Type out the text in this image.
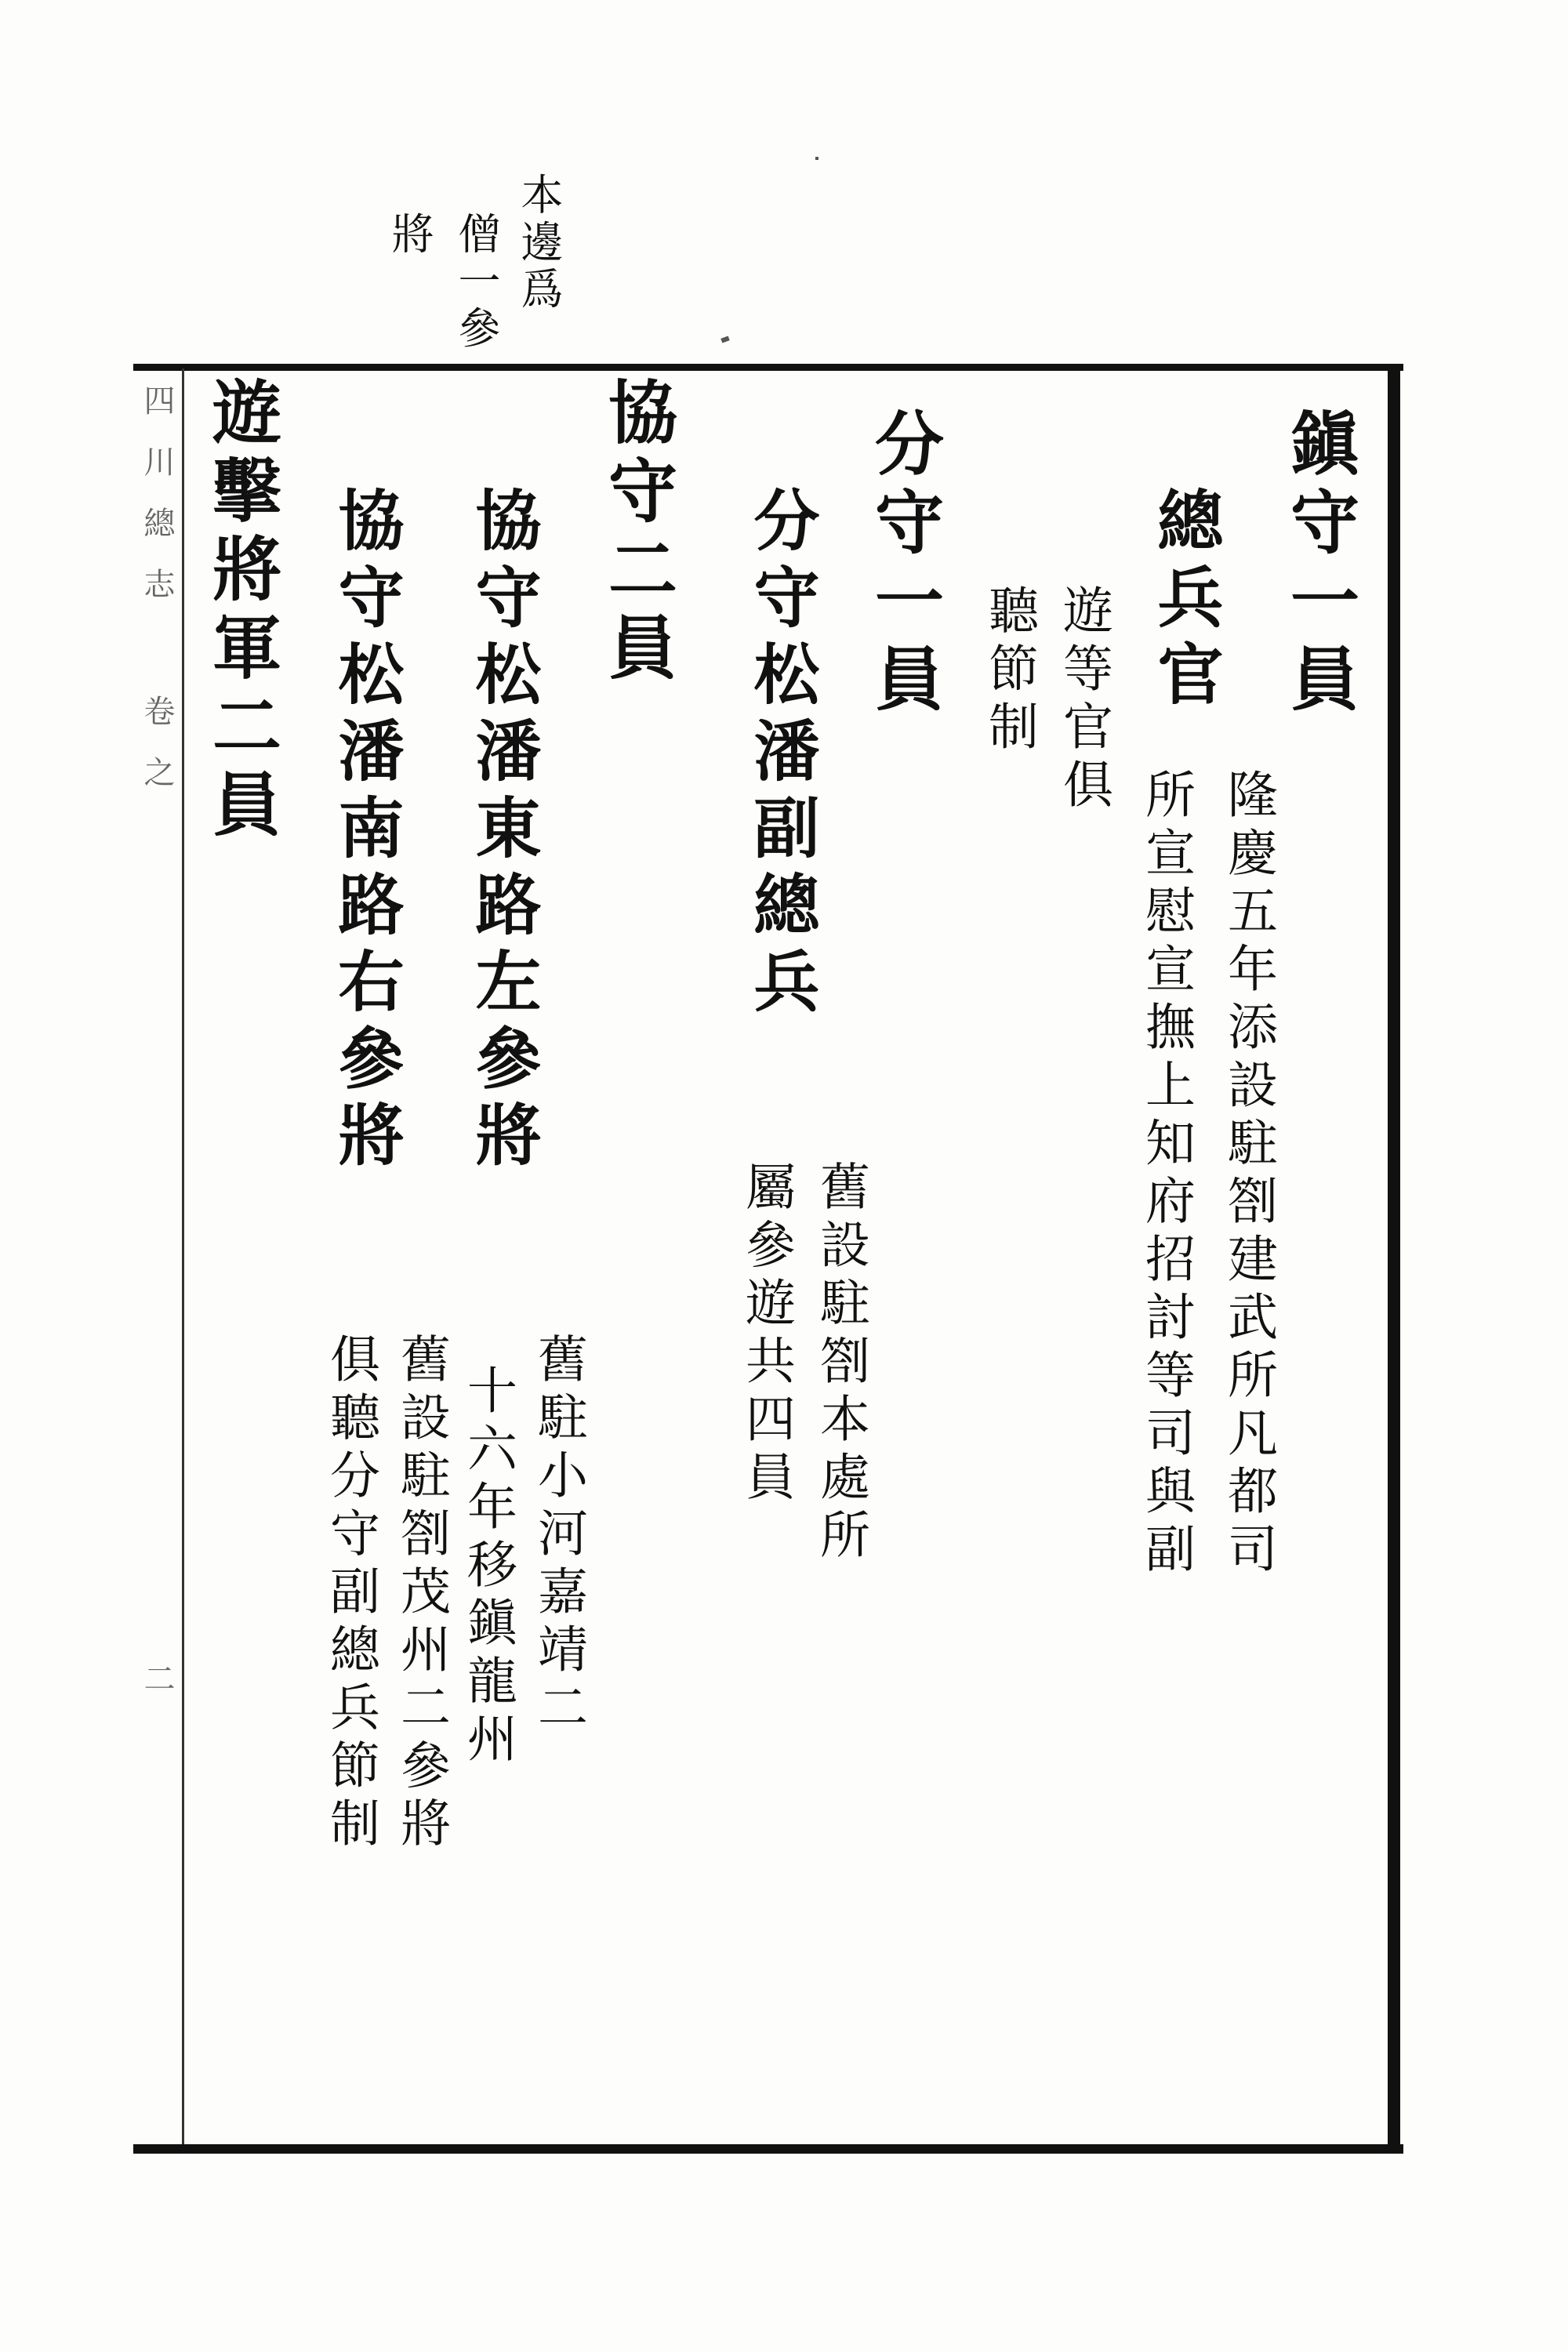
本邊爲
僧一參
將
四川總志 卷之
二
鎭守一員
總兵官
隆慶五年添設駐劄建武所凡都司
所宣慰宣撫上知府招討等司與副
遊等官俱
聽節制
分守一員
分守松潘副總兵
舊設駐劄本處所
屬參遊共四員
協守二員
協守松潘東路左參將
舊駐小河嘉靖二
十六年移鎭龍州
協守松潘南路右參將
舊設駐劄茂州二參將
俱聽分守副總兵節制
遊擊將軍二員
